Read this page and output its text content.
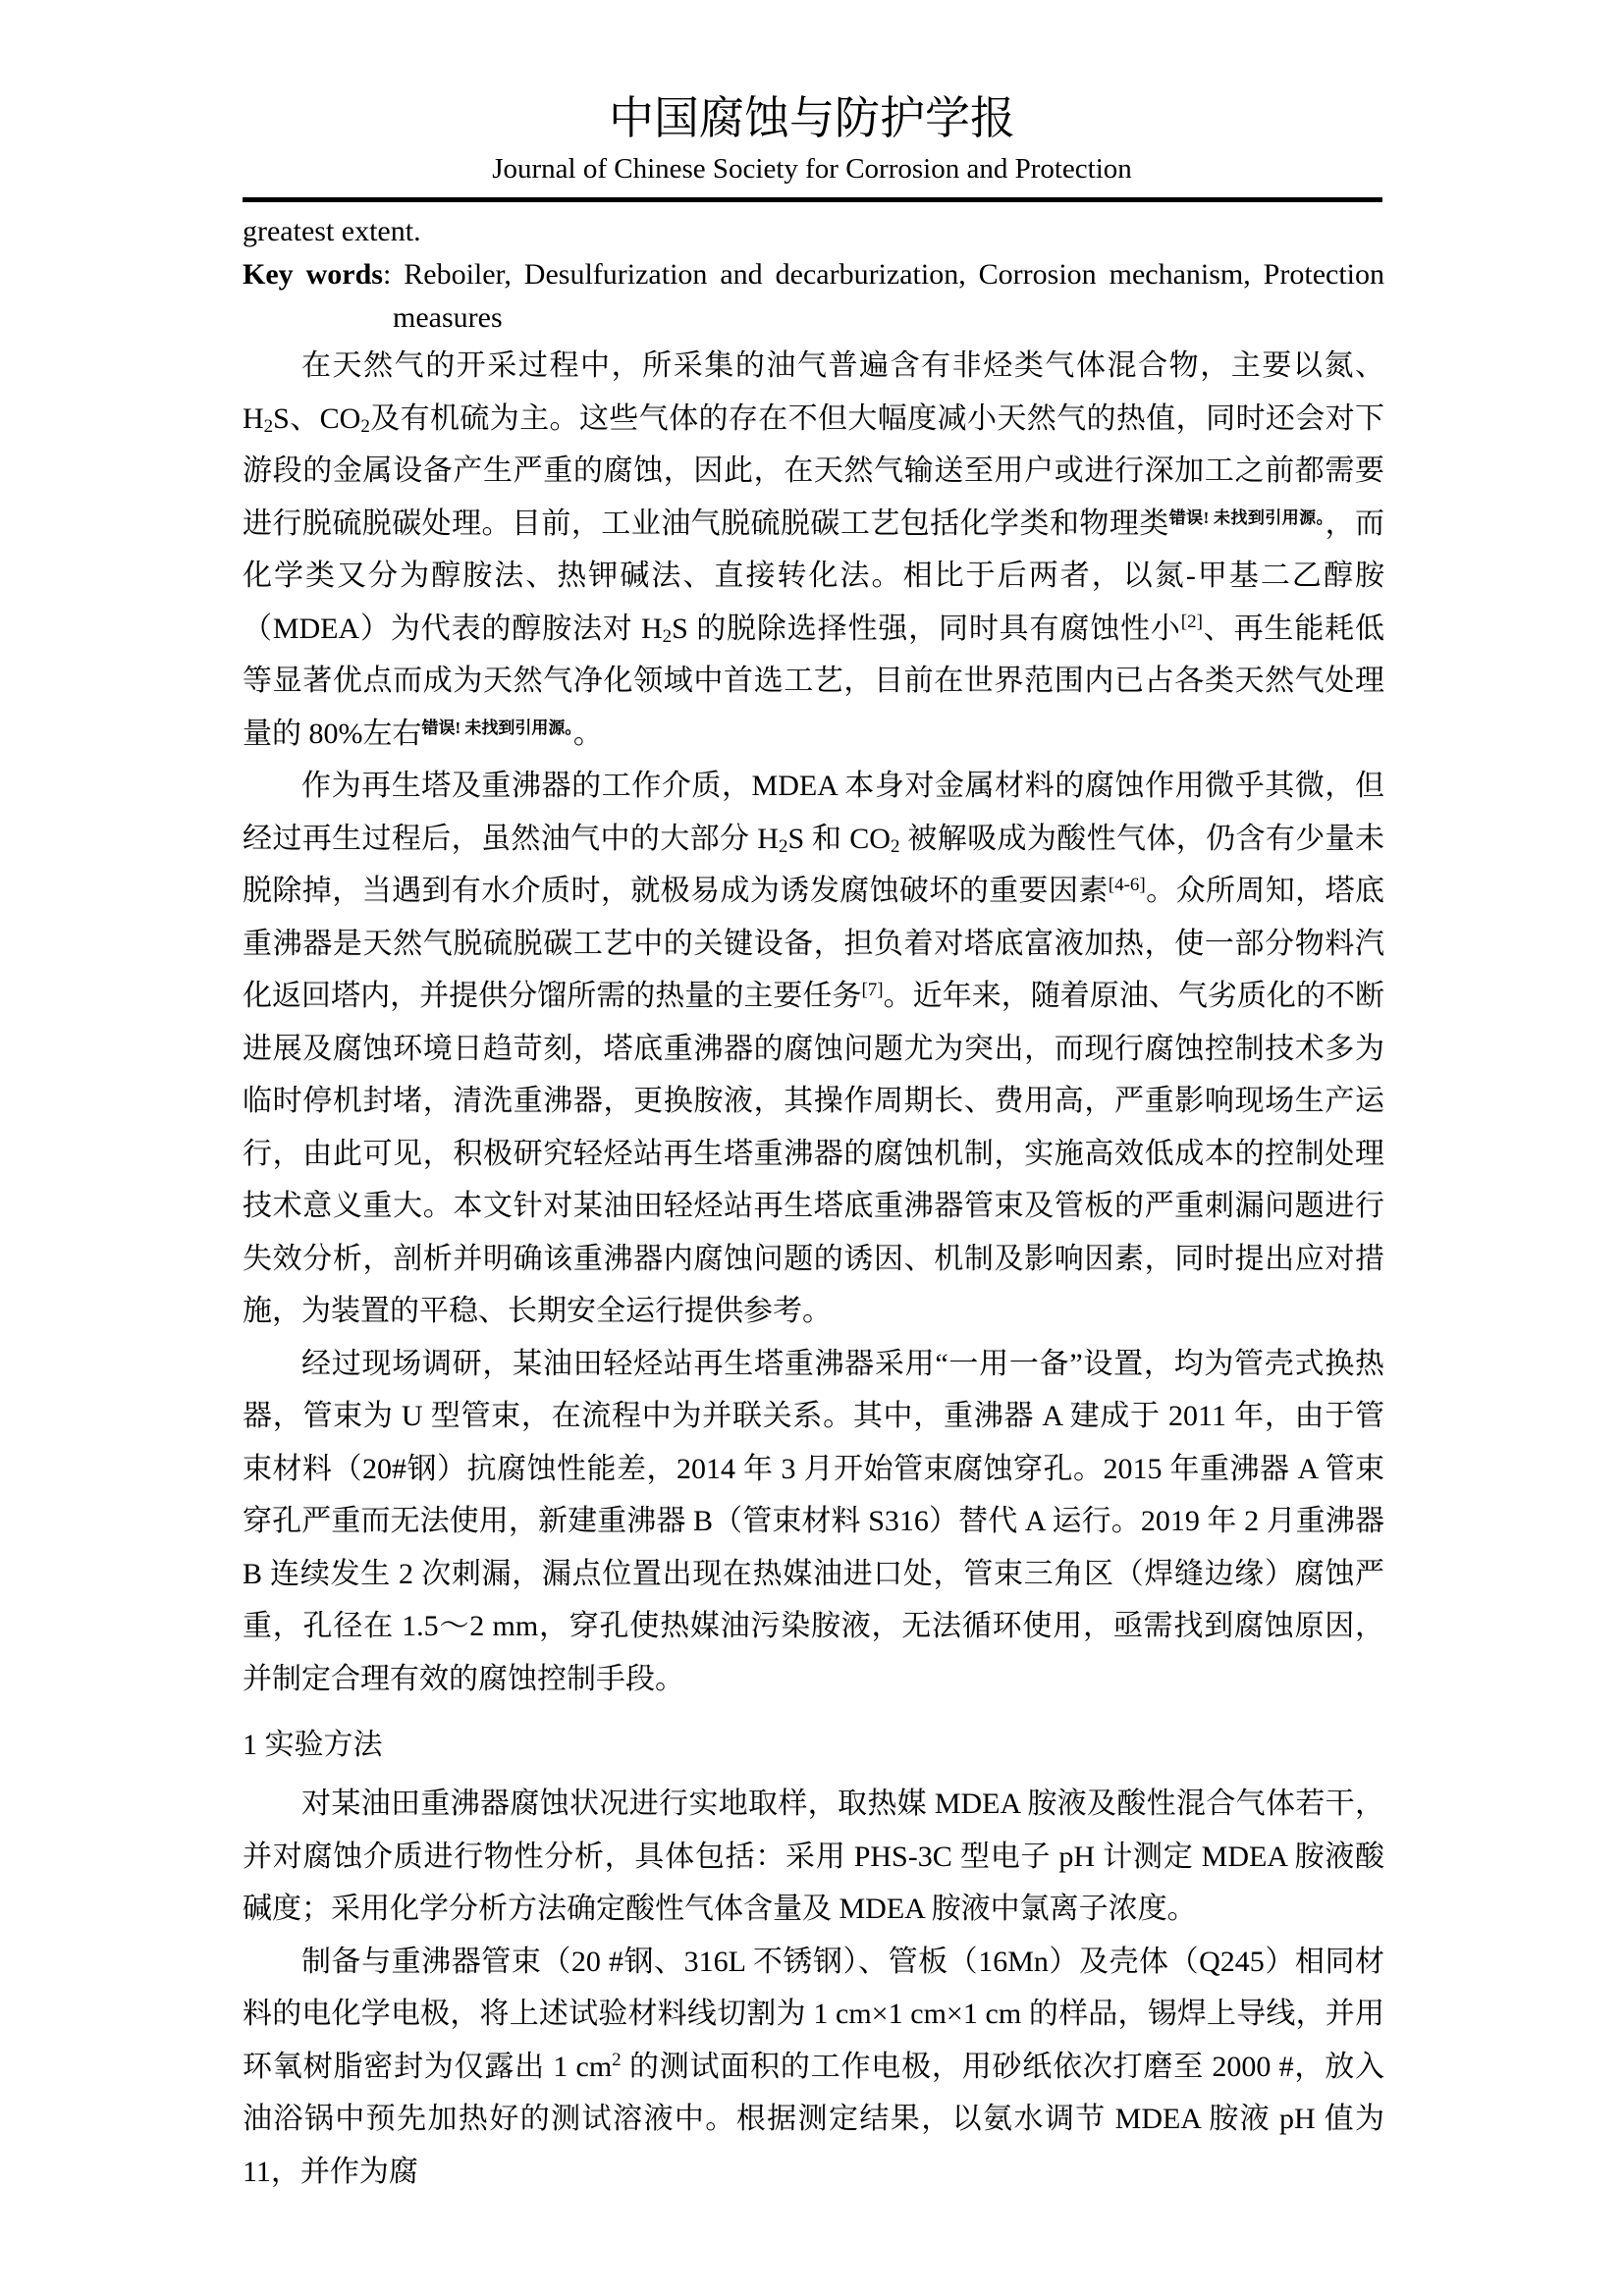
中国腐蚀与防护学报
Journal of Chinese Society for Corrosion and Protection

greatest extent.

Key words: Reboiler, Desulfurization and decarburization, Corrosion mechanism, Protection measures

在天然气的开采过程中，所采集的油气普遍含有非烃类气体混合物，主要以氮、$H_2S$、$CO_2$及有机硫为主。这些气体的存在不但大幅度减小天然气的热值，同时还会对下游段的金属设备产生严重的腐蚀，因此，在天然气输送至用户或进行深加工之前都需要进行脱硫脱碳处理。目前，工业油气脱硫脱碳工艺包括化学类和物理类$^{错误! 未找到引用源。}$，而化学类又分为醇胺法、热钾碱法、直接转化法。相比于后两者，以氮-甲基二乙醇胺（MDEA）为代表的醇胺法对 $H_2S$ 的脱除选择性强，同时具有腐蚀性小[2]、再生能耗低等显著优点而成为天然气净化领域中首选工艺，目前在世界范围内已占各类天然气处理量的 80%左右$^{错误! 未找到引用源。}$。

作为再生塔及重沸器的工作介质，MDEA 本身对金属材料的腐蚀作用微乎其微，但经过再生过程后，虽然油气中的大部分 $H_2S$ 和 $CO_2$ 被解吸成为酸性气体，仍含有少量未脱除掉，当遇到有水介质时，就极易成为诱发腐蚀破坏的重要因素[4-6]。众所周知，塔底重沸器是天然气脱硫脱碳工艺中的关键设备，担负着对塔底富液加热，使一部分物料汽化返回塔内，并提供分馏所需的热量的主要任务[7]。近年来，随着原油、气劣质化的不断进展及腐蚀环境日趋苛刻，塔底重沸器的腐蚀问题尤为突出，而现行腐蚀控制技术多为临时停机封堵，清洗重沸器，更换胺液，其操作周期长、费用高，严重影响现场生产运行，由此可见，积极研究轻烃站再生塔重沸器的腐蚀机制，实施高效低成本的控制处理技术意义重大。本文针对某油田轻烃站再生塔底重沸器管束及管板的严重刺漏问题进行失效分析，剖析并明确该重沸器内腐蚀问题的诱因、机制及影响因素，同时提出应对措施，为装置的平稳、长期安全运行提供参考。

经过现场调研，某油田轻烃站再生塔重沸器采用“一用一备”设置，均为管壳式换热器，管束为 U 型管束，在流程中为并联关系。其中，重沸器 A 建成于 2011 年，由于管束材料（20#钢）抗腐蚀性能差，2014 年 3 月开始管束腐蚀穿孔。2015 年重沸器 A 管束穿孔严重而无法使用，新建重沸器 B（管束材料 S316）替代 A 运行。2019 年 2 月重沸器 B 连续发生 2 次刺漏，漏点位置出现在热媒油进口处，管束三角区（焊缝边缘）腐蚀严重，孔径在 1.5～2 mm，穿孔使热媒油污染胺液，无法循环使用，亟需找到腐蚀原因，并制定合理有效的腐蚀控制手段。

1 实验方法

对某油田重沸器腐蚀状况进行实地取样，取热媒 MDEA 胺液及酸性混合气体若干，并对腐蚀介质进行物性分析，具体包括：采用 PHS-3C 型电子 pH 计测定 MDEA 胺液酸碱度；采用化学分析方法确定酸性气体含量及 MDEA 胺液中氯离子浓度。

制备与重沸器管束（20 #钢、316L 不锈钢）、管板（16Mn）及壳体（Q245）相同材料的电化学电极，将上述试验材料线切割为 1 cm×1 cm×1 cm 的样品，锡焊上导线，并用环氧树脂密封为仅露出 1 cm$^2$ 的测试面积的工作电极，用砂纸依次打磨至 2000 #，放入油浴锅中预先加热好的测试溶液中。根据测定结果，以氨水调节 MDEA 胺液 pH 值为 11，并作为腐
